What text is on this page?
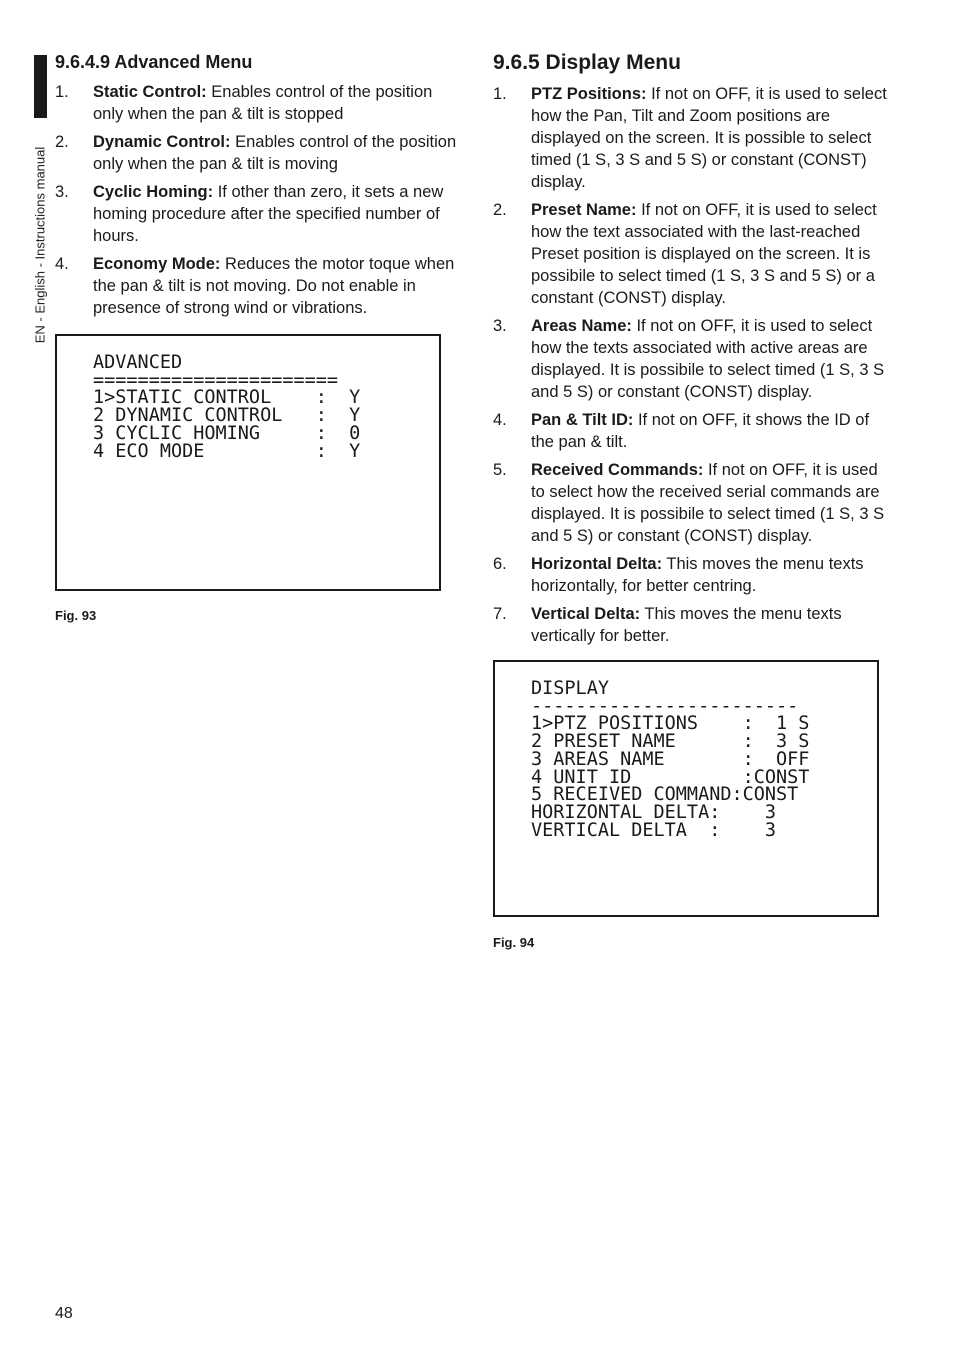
EN - English - Instructions manual
9.6.4.9 Advanced Menu
1. Static Control: Enables control of the position only when the pan & tilt is stopped
2. Dynamic Control: Enables control of the position only when the pan & tilt is moving
3. Cyclic Homing: If other than zero, it sets a new homing procedure after the specified number of hours.
4. Economy Mode: Reduces the motor toque when the pan & tilt is not moving. Do not enable in presence of strong wind or vibrations.
ADVANCED
======================
1>STATIC CONTROL    :  Y
2 DYNAMIC CONTROL   :  Y
3 CYCLIC HOMING     :  0
4 ECO MODE          :  Y
Fig. 93
9.6.5 Display Menu
1. PTZ Positions: If not on OFF, it is used to select how the Pan, Tilt and Zoom positions are displayed on the screen. It is possible to select timed (1 S, 3 S and 5 S) or constant (CONST) display.
2. Preset Name: If not on OFF, it is used to select how the text associated with the last-reached Preset position is displayed on the screen. It is possibile to select timed (1 S, 3 S and 5 S) or a constant (CONST) display.
3. Areas Name: If not on OFF, it is used to select how the texts associated with active areas are displayed. It is possibile to select timed (1 S, 3 S and 5 S) or constant (CONST) display.
4. Pan & Tilt ID: If not on OFF, it shows the ID of the pan & tilt.
5. Received Commands: If not on OFF, it is used to select how the received serial commands are displayed. It is possibile to select timed (1 S, 3 S and 5 S) or constant (CONST) display.
6. Horizontal Delta: This moves the menu texts horizontally, for better centring.
7. Vertical Delta: This moves the menu texts vertically for better.
DISPLAY
------------------------
1>PTZ POSITIONS    :  1 S
2 PRESET NAME      :  3 S
3 AREAS NAME       :  OFF
4 UNIT ID          :CONST
5 RECEIVED COMMAND:CONST
HORIZONTAL DELTA:    3
VERTICAL DELTA  :    3
Fig. 94
48
